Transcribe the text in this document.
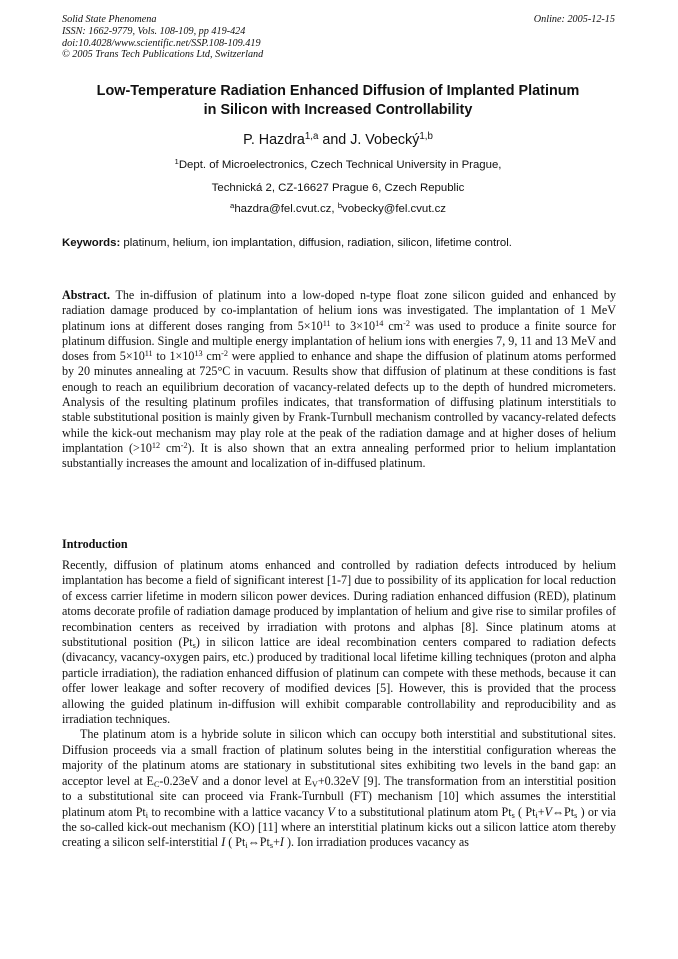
Solid State Phenomena
ISSN: 1662-9779, Vols. 108-109, pp 419-424
doi:10.4028/www.scientific.net/SSP.108-109.419
© 2005 Trans Tech Publications Ltd, Switzerland
Online: 2005-12-15
Low-Temperature Radiation Enhanced Diffusion of Implanted Platinum
in Silicon with Increased Controllability
P. Hazdra$^{1,a}$ and J. Vobecký$^{1,b}$
$^1$Dept. of Microelectronics, Czech Technical University in Prague,
Technická 2, CZ-16627 Prague 6, Czech Republic
$^a$hazdra@fel.cvut.cz, $^b$vobecky@fel.cvut.cz
Keywords: platinum, helium, ion implantation, diffusion, radiation, silicon, lifetime control.
Abstract. The in-diffusion of platinum into a low-doped n-type float zone silicon guided and enhanced by radiation damage produced by co-implantation of helium ions was investigated. The implantation of 1 MeV platinum ions at different doses ranging from $5\times 10^{11}$ to $3\times 10^{14}$ $cm^{-2}$ was used to produce a finite source for platinum diffusion. Single and multiple energy implantation of helium ions with energies 7, 9, 11 and 13 MeV and doses from $5\times 10^{11}$ to $1\times 10^{13}$ $cm^{-2}$ were applied to enhance and shape the diffusion of platinum atoms performed by 20 minutes annealing at 725°C in vacuum. Results show that diffusion of platinum at these conditions is fast enough to reach an equilibrium decoration of vacancy-related defects up to the depth of hundred micrometers. Analysis of the resulting platinum profiles indicates, that transformation of diffusing platinum interstitials to stable substitutional position is mainly given by Frank-Turnbull mechanism controlled by vacancy-related defects while the kick-out mechanism may play role at the peak of the radiation damage and at higher doses of helium implantation ($>10^{12}$ $cm^{-2}$). It is also shown that an extra annealing performed prior to helium implantation substantially increases the amount and localization of in-diffused platinum.
Introduction

Recently, diffusion of platinum atoms enhanced and controlled by radiation defects introduced by helium implantation has become a field of significant interest [1-7] due to possibility of its application for local reduction of excess carrier lifetime in modern silicon power devices. During radiation enhanced diffusion (RED), platinum atoms decorate profile of radiation damage produced by implantation of helium and give rise to similar profiles of recombination centers as received by irradiation with protons and alphas [8]. Since platinum atoms at substitutional position $(Pt_s)$ in silicon lattice are ideal recombination centers compared to radiation defects (divacancy, vacancy-oxygen pairs, etc.) produced by traditional local lifetime killing techniques (proton and alpha particle irradiation), the radiation enhanced diffusion of platinum can compete with these methods, because it can offer lower leakage and softer recovery of modified devices [5]. However, this is provided that the process allowing the guided platinum in-diffusion will exhibit comparable controllability and reproducibility and as irradiation techniques.

The platinum atom is a hybride solute in silicon which can occupy both interstitial and substitutional sites. Diffusion proceeds via a small fraction of platinum solutes being in the interstitial configuration whereas the majority of the platinum atoms are stationary in substitutional sites exhibiting two levels in the band gap: an acceptor level at $E_C-0.23eV$ and a donor level at $E_V+0.32eV$ [9]. The transformation from an interstitial position to a substitutional site can proceed via Frank-Turnbull (FT) mechanism [10] which assumes the interstitial platinum atom $Pt_i$ to recombine with a lattice vacancy V to a substitutional platinum atom $Pt_s$ ( $Pt_i+V\Leftrightarrow Pt_s$ ) or via the so-called kick-out mechanism (KO) [11] where an interstitial platinum kicks out a silicon lattice atom thereby creating a silicon self-interstitial I ( $Pt_i\Leftrightarrow Pt_s+I$ ). Ion irradiation produces vacancy as
